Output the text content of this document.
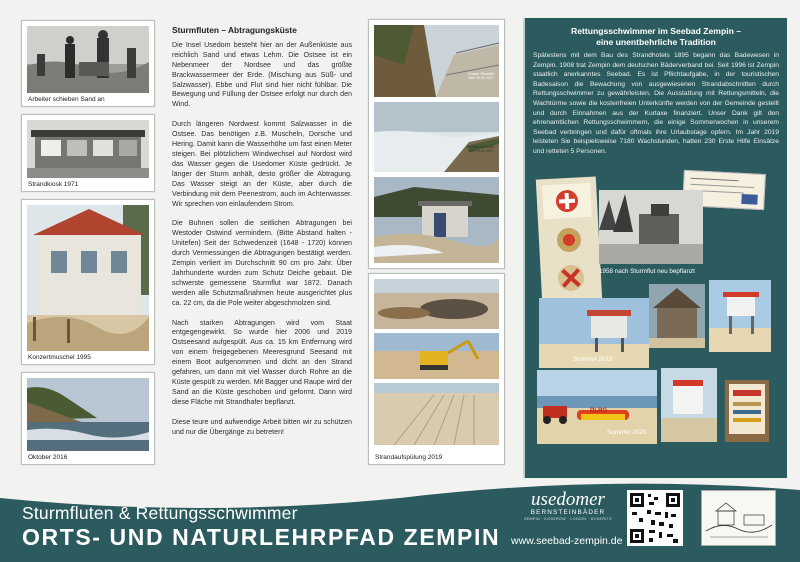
Arbeiter schieben Sand an
Strandkiosk 1971
Konzertmuschel 1995
Oktober 2016
Sturmfluten – Abtragungsküste

Die Insel Usedom besteht hier an der Außenküste aus reichlich Sand und etwas Lehm. Die Ostsee ist ein Nebenmeer der Nordsee und das größte Brackwassermeer der Erde. (Mischung aus Süß- und Salzwasser). Ebbe und Flut sind hier nicht fühlbar. Die Bewegung und Füllung der Ostsee erfolgt nur durch den Wind.

Durch längeren Nordwest kommt Salzwasser in die Ostsee. Das benötigen z.B. Muscheln, Dorsche und Hering. Damit kann die Wasserhöhe um fast einen Meter steigen. Bei plötzlichem Windwechsel auf Nordost wird das Wasser gegen die Usedomer Küste gedrückt. Je länger der Sturm anhält, desto größer die Abtragung. Das Wasser steigt an der Küste, aber durch die Verbindung mit dem Peenestrom, auch im Achterwasser. Wir sprechen von einlaufendem Strom.

Die Buhnen sollen die seitlichen Abtragungen bei Westoder Ostwind vermindern. (Bitte Abstand halten - Unitefen) Seit der Schwedenzeit (1648 - 1720) können durch Vermessungen die Abtragungen bestätigt werden. Zempin verliert im Durchschnitt 90 cm pro Jahr. Über Jahrhunderte wurden zum Schutz Deiche gebaut. Die schwerste gemessene Sturmflut war 1872. Danach werden alle Schutzmaßnahmen heute ausgerichtet plus ca. 22 cm, da die Pole weiter abgeschmolzen sind.

Nach starken Abtragungen wird vom Staat entgegengewirkt. So wurde hier 2006 und 2019 Ostseesand aufgespült. Aus ca. 15 km Entfernung wird von einem freigegebenen Meeresgrund Seesand mit einem Boot aufgenommen und dicht an den Strand gefahren, um dann mit viel Wasser durch Rohre an die Küste gespült zu werden. Mit Bagger und Raupe wird der Sand an die Küste geschoben und geformt. Dann wird diese Fläche mit Strandhafer bepflanzt.

Diese teure und aufwendige Arbeit bitten wir zu schützen und nur die Übergänge zu betreten!

Zempin Sturmflut Axel 04.01.2017
Zempin Sturmflut Axel 04.01.2017
Strandaufspülung 2019
Rettungsschwimmer im Seebad Zempin –
eine unentbehrliche Tradition

Spätestens mit dem Bau des Strandhotels 1895 begann das Badewesen in Zempin. 1908 trat Zempin dem deutschen Bäderverband bei. Seit 1996 ist Zempin staatlich anerkanntes Seebad. Es ist Pflichtaufgabe, in der touristischen Badesaison die Bewachung von ausgewiesenen Strandabschnitten durch Rettungsschwimmer zu gewährleisten. Die Ausstattung mit Rettungsmitteln, die Wachtürme sowie die kostenfreien Unterkünfte werden von der Gemeinde gestellt und durch Einnahmen aus der Kurtaxe finanziert. Unser Dank gilt den ehrenamtlichen Rettungsschwimmern, die einige Sommerwochen in unserem Seebad verbringen und dafür oftmals ihre Urlaubstage opfern. Im Jahr 2019 leisteten Sie beispielsweise 7180 Wachstunden, hatten 230 Erste Hilfe Einsätze und retteten 5 Personen.

1958 nach Sturmflut neu bepflanzt
Sommer 2019
DLRG
Sommer 2020
Sturmfluten & Rettungsschwimmer
ORTS- UND NATURLEHRPFAD ZEMPIN
usedomer
BERNSTEINBÄDER
ZEMPIN · KOSEROW · LODDIN · ÜCKERITZ
www.seebad-zempin.de
